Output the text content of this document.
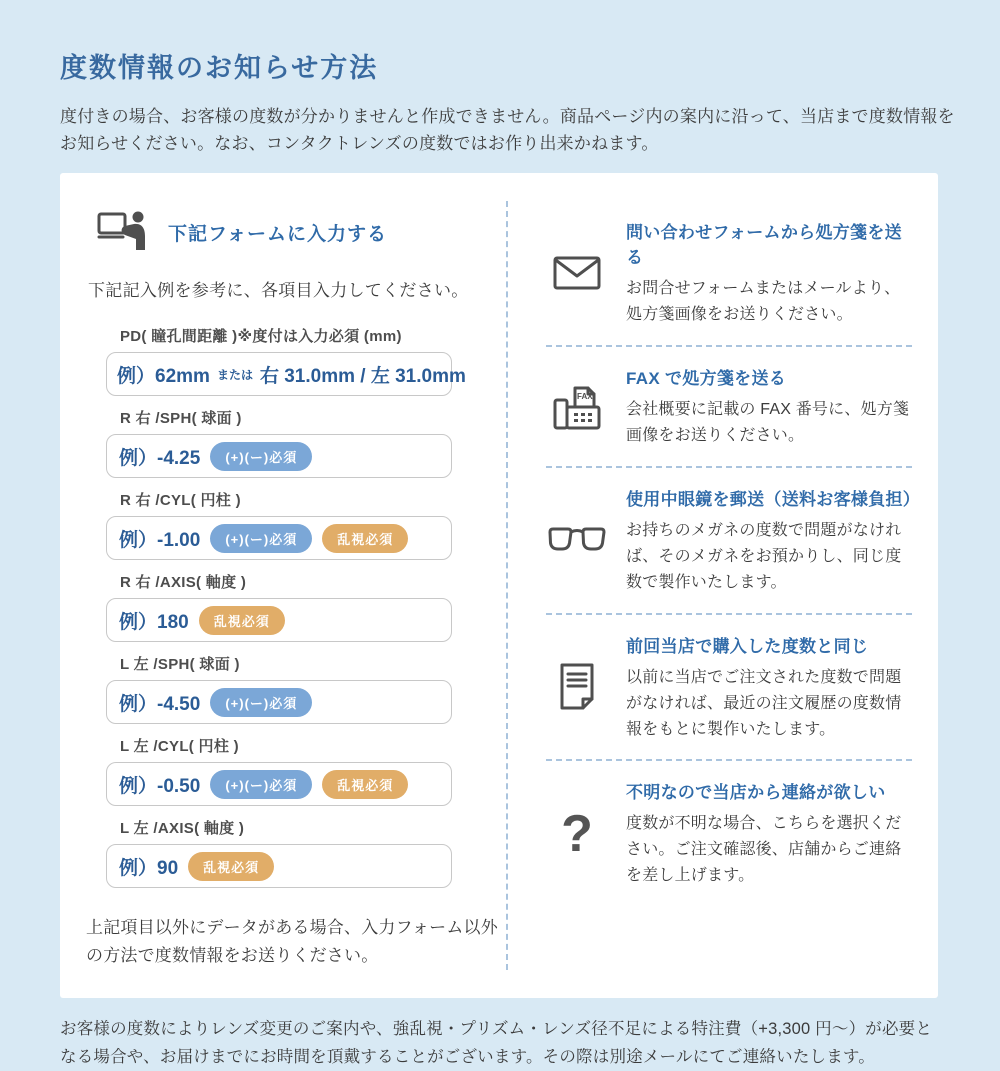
度数情報のお知らせ方法
度付きの場合、お客様の度数が分かりませんと作成できません。商品ページ内の案内に沿って、当店まで度数情報をお知らせください。なお、コンタクトレンズの度数ではお作り出来かねます。
下記フォームに入力する
下記記入例を参考に、各項目入力してください。
PD( 瞳孔間距離 )※度付は入力必須 (mm)
例）62mm または 右 31.0mm / 左 31.0mm
R 右 /SPH( 球面 )
例）-4.25	(+)(ー)必須
R 右 /CYL( 円柱 )
例）-1.00	(+)(ー)必須	乱視必須
R 右 /AXIS( 軸度 )
例）180	乱視必須
L 左 /SPH( 球面 )
例）-4.50	(+)(ー)必須
L 左 /CYL( 円柱 )
例）-0.50	(+)(ー)必須	乱視必須
L 左 /AXIS( 軸度 )
例）90	乱視必須
上記項目以外にデータがある場合、入力フォーム以外の方法で度数情報をお送りください。
問い合わせフォームから処方箋を送る
お問合せフォームまたはメールより、処方箋画像をお送りください。
FAX
FAX で処方箋を送る
会社概要に記載の FAX 番号に、処方箋画像をお送りください。
使用中眼鏡を郵送（送料お客様負担）
お持ちのメガネの度数で問題がなければ、そのメガネをお預かりし、同じ度数で製作いたします。
前回当店で購入した度数と同じ
以前に当店でご注文された度数で問題がなければ、最近の注文履歴の度数情報をもとに製作いたします。
?
不明なので当店から連絡が欲しい
度数が不明な場合、こちらを選択ください。ご注文確認後、店舗からご連絡を差し上げます。
お客様の度数によりレンズ変更のご案内や、強乱視・プリズム・レンズ径不足による特注費（+3,300 円～）が必要となる場合や、お届けまでにお時間を頂戴することがございます。その際は別途メールにてご連絡いたします。
